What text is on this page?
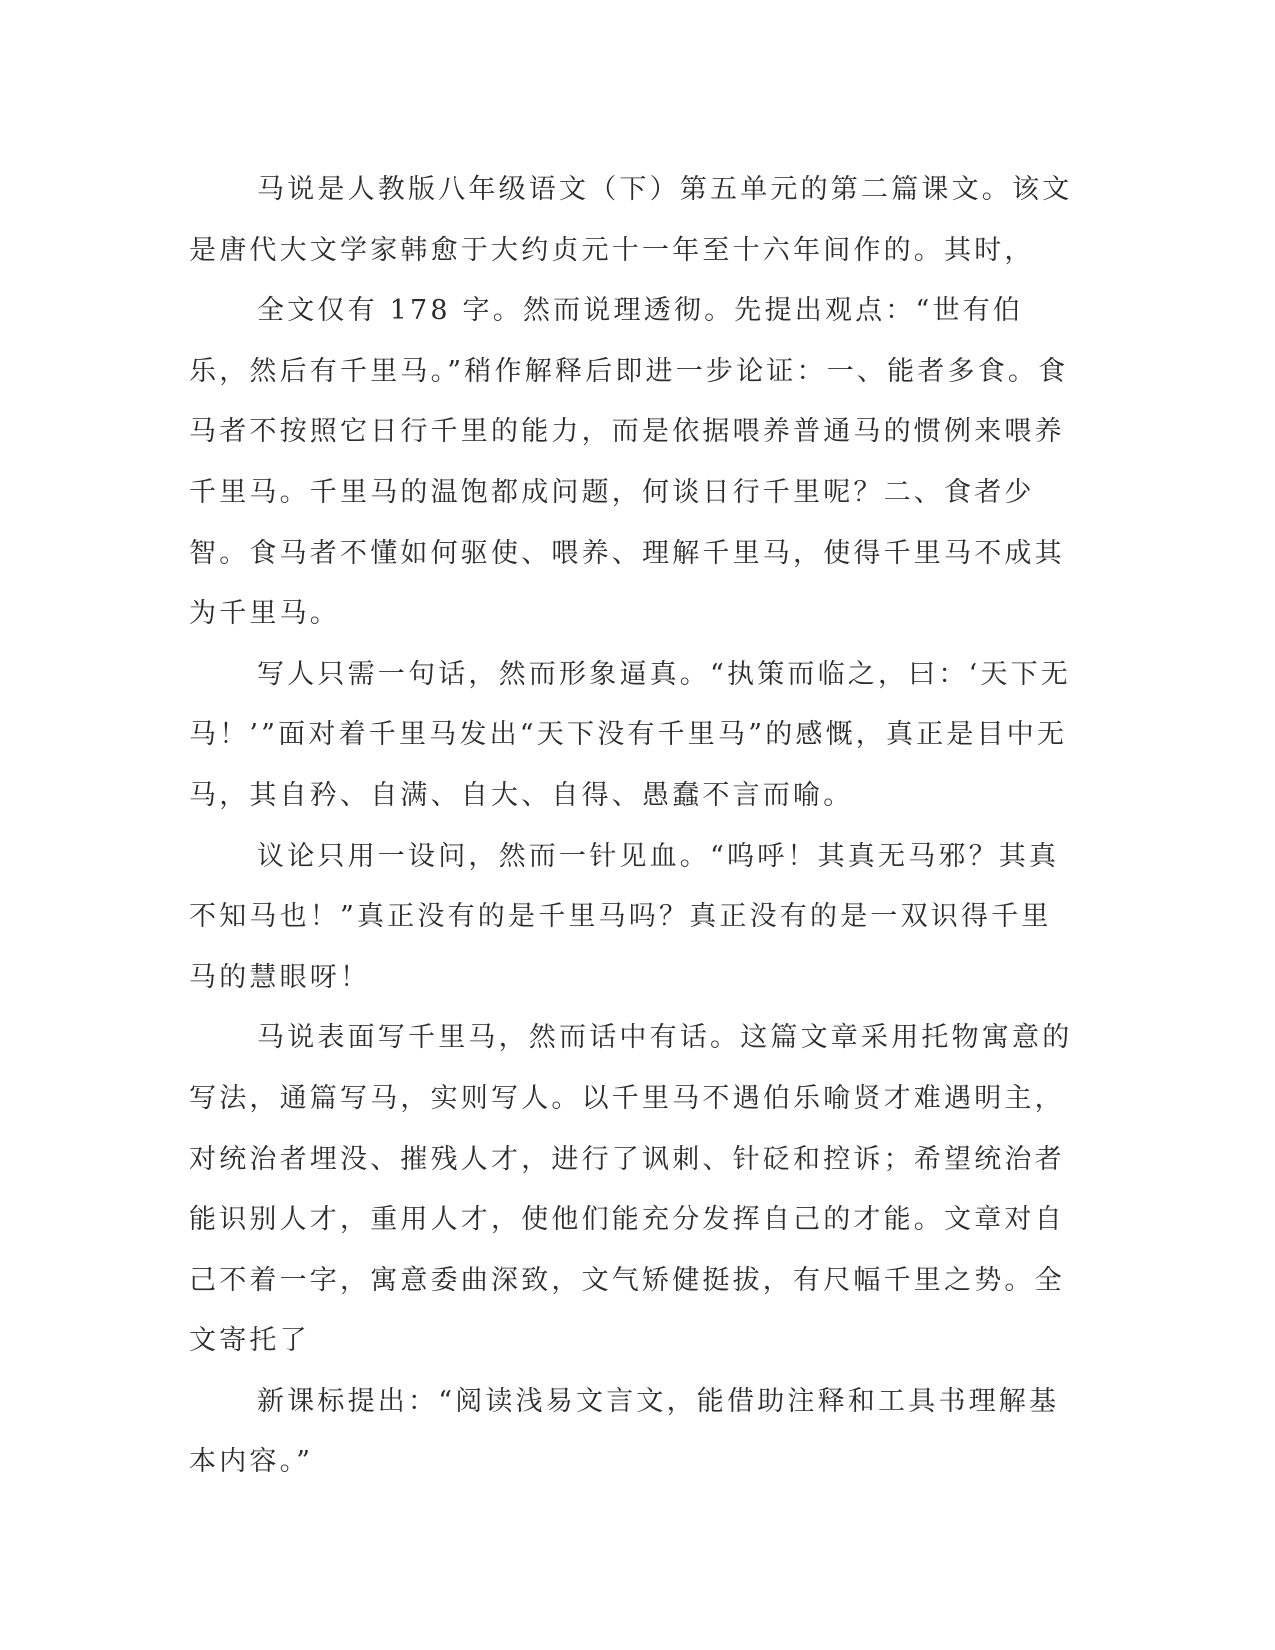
马说是人教版八年级语文（下）第五单元的第二篇课文。该文是唐代大文学家韩愈于大约贞元十一年至十六年间作的。其时，

全文仅有 178 字。然而说理透彻。先提出观点：“世有伯乐，然后有千里马。”稍作解释后即进一步论证：一、能者多食。食马者不按照它日行千里的能力，而是依据喂养普通马的惯例来喂养千里马。千里马的温饱都成问题，何谈日行千里呢？二、食者少智。食马者不懂如何驱使、喂养、理解千里马，使得千里马不成其为千里马。

写人只需一句话，然而形象逼真。“执策而临之，曰：‘天下无马！’”面对着千里马发出“天下没有千里马”的感慨，真正是目中无马，其自矜、自满、自大、自得、愚蠢不言而喻。

议论只用一设问，然而一针见血。“呜呼！其真无马邪？其真不知马也！”真正没有的是千里马吗？真正没有的是一双识得千里马的慧眼呀！

马说表面写千里马，然而话中有话。这篇文章采用托物寓意的写法，通篇写马，实则写人。以千里马不遇伯乐喻贤才难遇明主，对统治者埋没、摧残人才，进行了讽刺、针砭和控诉；希望统治者能识别人才，重用人才，使他们能充分发挥自己的才能。文章对自己不着一字，寓意委曲深致，文气矫健挺拔，有尺幅千里之势。全文寄托了

新课标提出：“阅读浅易文言文，能借助注释和工具书理解基本内容。”
